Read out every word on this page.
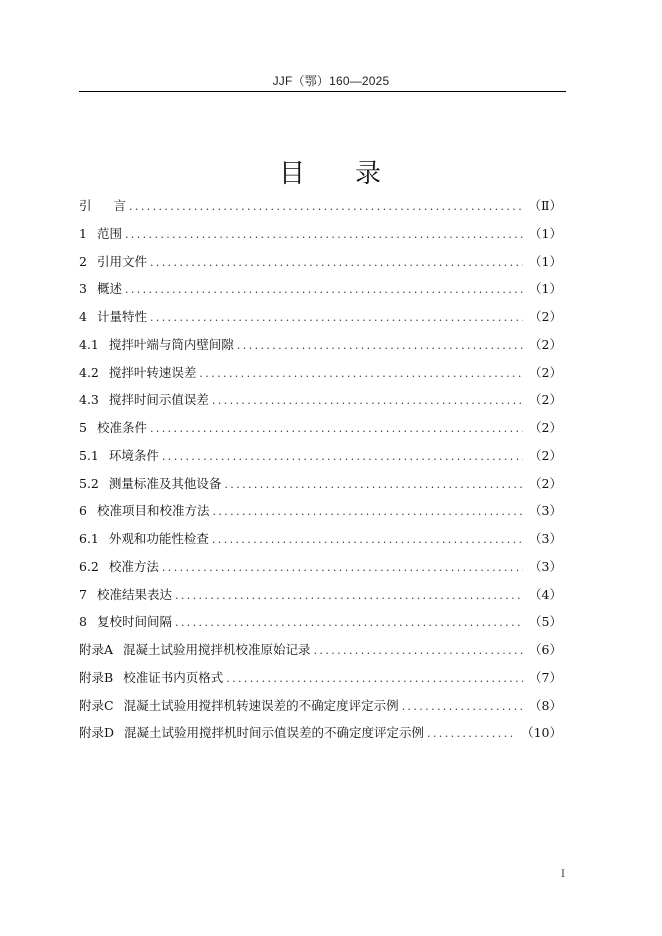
JJF（鄂）160—2025
目 录
引 言 .....	（Ⅱ）
1 范围 .....	（1）
2 引用文件 .....	（1）
3 概述 .....	（1）
4 计量特性 .....	（2）
4.1 搅拌叶端与筒内壁间隙 .....	（2）
4.2 搅拌叶转速误差 .....	（2）
4.3 搅拌时间示值误差 .....	（2）
5 校准条件 .....	（2）
5.1 环境条件 .....	（2）
5.2 测量标准及其他设备 .....	（2）
6 校准项目和校准方法 .....	（3）
6.1 外观和功能性检查 .....	（3）
6.2 校准方法 .....	（3）
7 校准结果表达 .....	（4）
8 复校时间间隔 .....	（5）
附录A 混凝土试验用搅拌机校准原始记录 .....	（6）
附录B 校准证书内页格式 .....	（7）
附录C 混凝土试验用搅拌机转速误差的不确定度评定示例 .....	（8）
附录D 混凝土试验用搅拌机时间示值误差的不确定度评定示例 .....	（10）
I
